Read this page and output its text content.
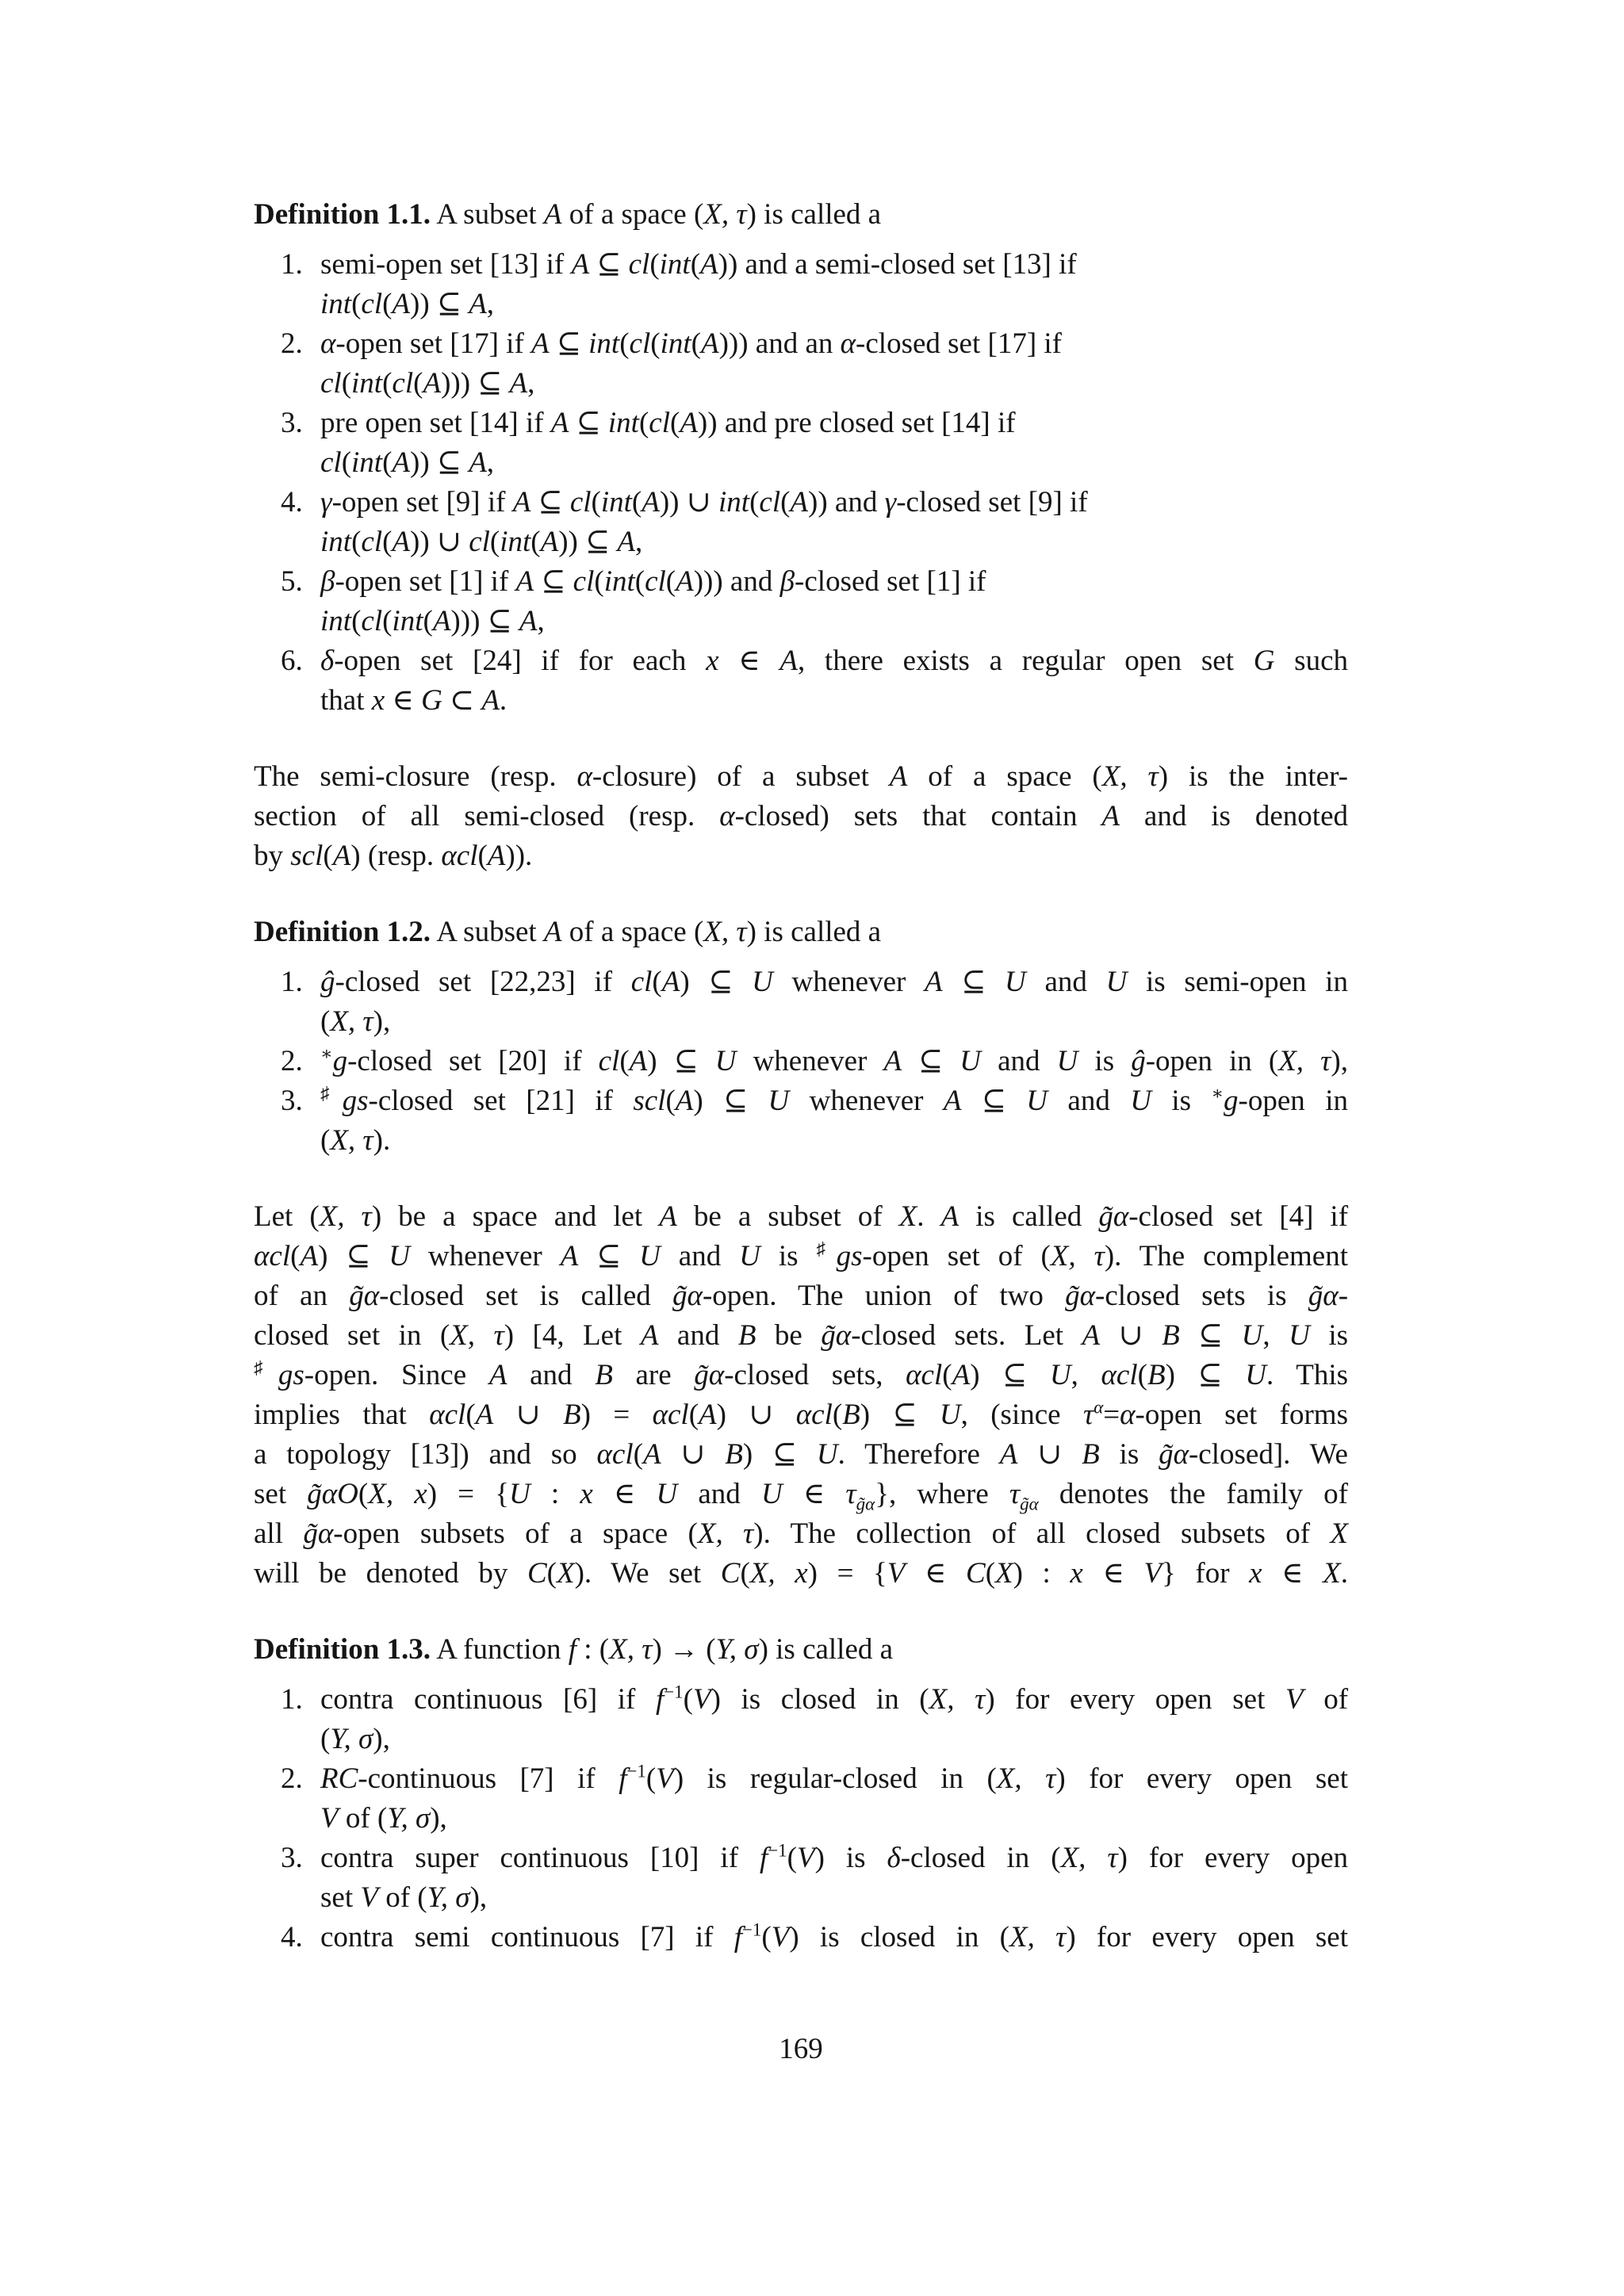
Definition 1.1. A subset A of a space (X, τ) is called a

1. semi-open set [13] if A ⊆ cl(int(A)) and a semi-closed set [13] if
int(cl(A)) ⊆ A,
2. α-open set [17] if A ⊆ int(cl(int(A))) and an α-closed set [17] if
cl(int(cl(A))) ⊆ A,
3. pre open set [14] if A ⊆ int(cl(A)) and pre closed set [14] if
cl(int(A)) ⊆ A,
4. γ-open set [9] if A ⊆ cl(int(A)) ∪ int(cl(A)) and γ-closed set [9] if
int(cl(A)) ∪ cl(int(A)) ⊆ A,
5. β-open set [1] if A ⊆ cl(int(cl(A))) and β-closed set [1] if
int(cl(int(A))) ⊆ A,
6. δ-open set [24] if for each x ∈ A, there exists a regular open set G such
that x ∈ G ⊂ A.
The semi-closure (resp. α-closure) of a subset A of a space (X, τ) is the inter-
section of all semi-closed (resp. α-closed) sets that contain A and is denoted
by scl(A) (resp. αcl(A)).

Definition 1.2. A subset A of a space (X, τ) is called a

1. ĝ-closed set [22,23] if cl(A) ⊆ U whenever A ⊆ U and U is semi-open in
(X, τ),
2. ∗g-closed set [20] if cl(A) ⊆ U whenever A ⊆ U and U is ĝ-open in (X, τ),
3. ♯gs-closed set [21] if scl(A) ⊆ U whenever A ⊆ U and U is ∗g-open in
(X, τ).
Let (X, τ) be a space and let A be a subset of X. A is called g̃α-closed set [4] if
αcl(A) ⊆ U whenever A ⊆ U and U is ♯gs-open set of (X, τ). The complement
of an g̃α-closed set is called g̃α-open. The union of two g̃α-closed sets is g̃α-
closed set in (X, τ) [4, Let A and B be g̃α-closed sets. Let A ∪ B ⊆ U, U is
♯gs-open. Since A and B are g̃α-closed sets, αcl(A) ⊆ U, αcl(B) ⊆ U. This
implies that αcl(A ∪ B) = αcl(A) ∪ αcl(B) ⊆ U, (since $\tau^\alpha=\alpha$-open set forms
a topology [13]) and so αcl(A ∪ B) ⊆ U. Therefore A ∪ B is g̃α-closed]. We
set g̃αO(X, x) = {U : x ∈ U and U ∈ $\tau_{g̃\alpha}$}, where $\tau_{g̃\alpha}$ denotes the family of
all g̃α-open subsets of a space (X, τ). The collection of all closed subsets of X
will be denoted by C(X). We set C(X, x) = {V ∈ C(X) : x ∈ V} for x ∈ X.

Definition 1.3. A function f : (X, τ) → (Y, σ) is called a

1. contra continuous [6] if $f^{-1}(V)$ is closed in (X, τ) for every open set V of
(Y, σ),
2. RC-continuous [7] if $f^{-1}(V)$ is regular-closed in (X, τ) for every open set
V of (Y, σ),
3. contra super continuous [10] if $f^{-1}(V)$ is δ-closed in (X, τ) for every open
set V of (Y, σ),
4. contra semi continuous [7] if $f^{-1}(V)$ is closed in (X, τ) for every open set
169
